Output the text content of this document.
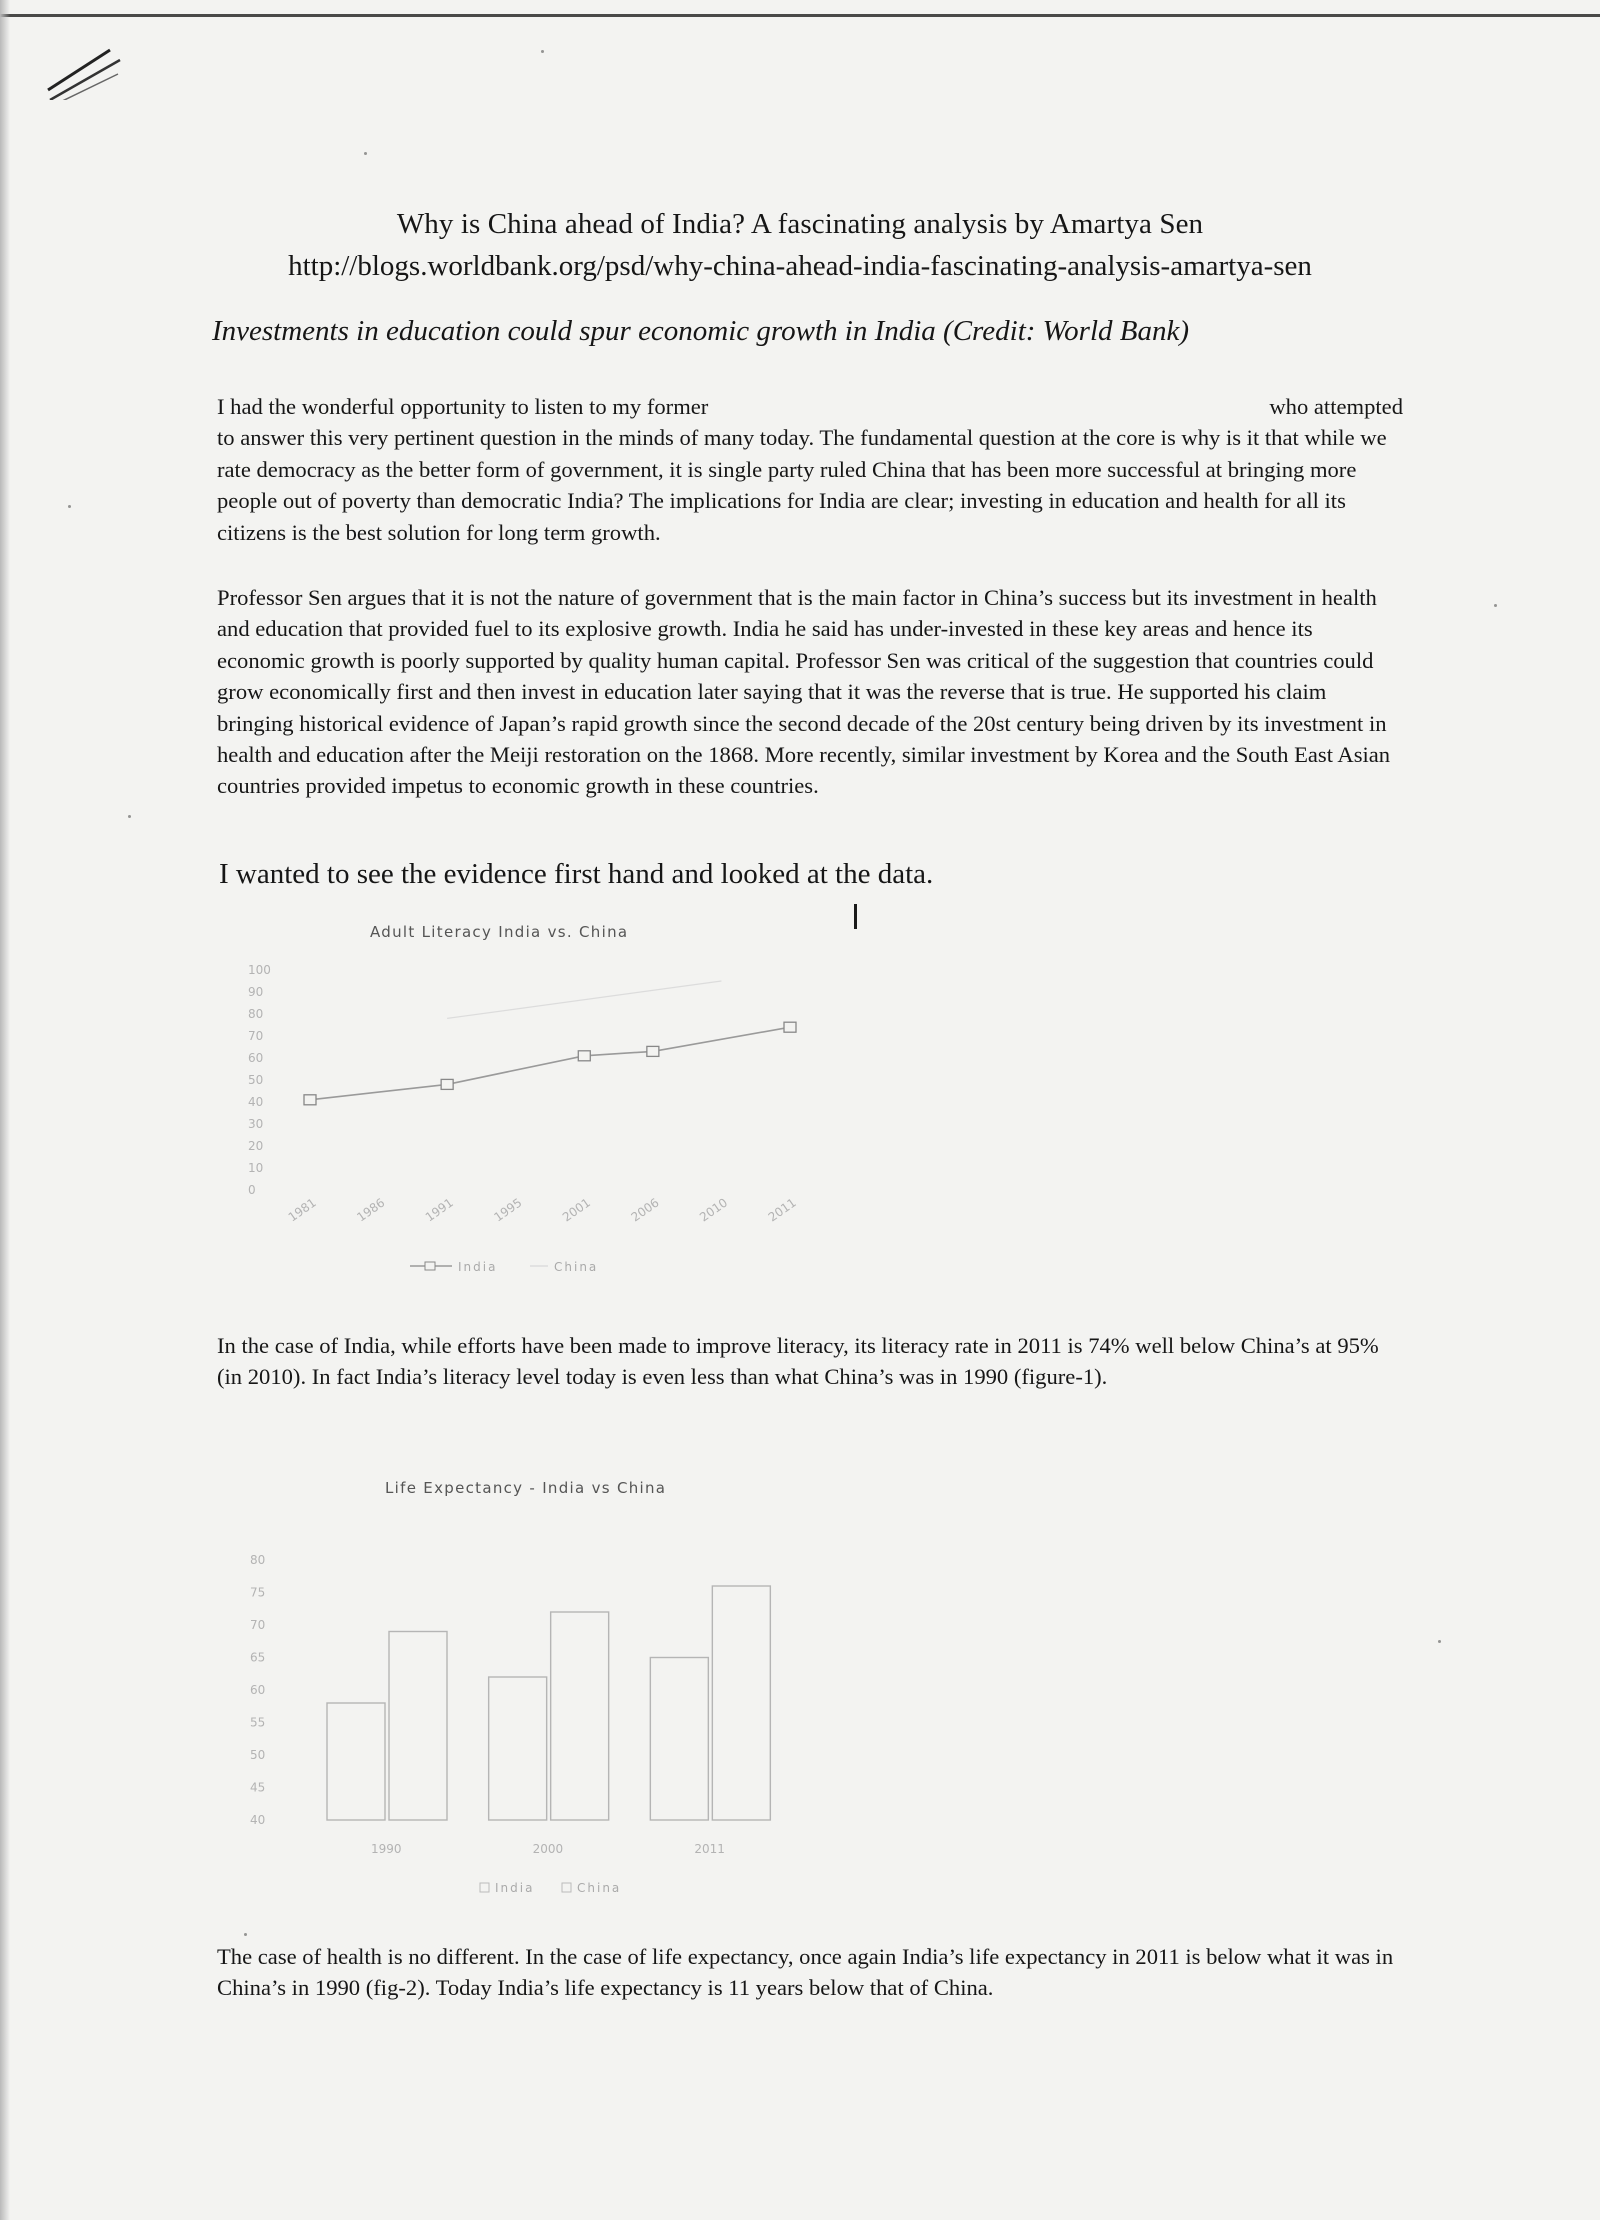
Why is China ahead of India? A fascinating analysis by Amartya Sen
http://blogs.worldbank.org/psd/why-china-ahead-india-fascinating-analysis-amartya-sen
Investments in education could spur economic growth in India (Credit: World Bank)
I had the wonderful opportunity to listen to my former	who attempted
to answer this very pertinent question in the minds of many today. The fundamental question at the core is why is it that while we rate democracy as the better form of government, it is single party ruled China that has been more successful at bringing more people out of poverty than democratic India? The implications for India are clear; investing in education and health for all its citizens is the best solution for long term growth.

Professor Sen argues that it is not the nature of government that is the main factor in China’s success but its investment in health and education that provided fuel to its explosive growth. India he said has under-invested in these key areas and hence its economic growth is poorly supported by quality human capital. Professor Sen was critical of the suggestion that countries could grow economically first and then invest in education later saying that it was the reverse that is true. He supported his claim bringing historical evidence of Japan’s rapid growth since the second decade of the 20st century being driven by its investment in health and education after the Meiji restoration on the 1868. More recently, similar investment by Korea and the South East Asian countries provided impetus to economic growth in these countries.

I wanted to see the evidence first hand and looked at the data.
Adult Literacy India vs. China
100
90
80
70
60
50
40
30
20
10
0
1981	1986	1991	1995	2001	2006	2010	2011
India	China

In the case of India, while efforts have been made to improve literacy, its literacy rate in 2011 is 74% well below China’s at 95% (in 2010). In fact India’s literacy level today is even less than what China’s was in 1990 (figure-1).

Life Expectancy - India vs China
80
75
70
65
60
55
50
45
40
1990	2000	2011
India	China

The case of health is no different. In the case of life expectancy, once again India’s life expectancy in 2011 is below what it was in China’s in 1990 (fig-2). Today India’s life expectancy is 11 years below that of China.
